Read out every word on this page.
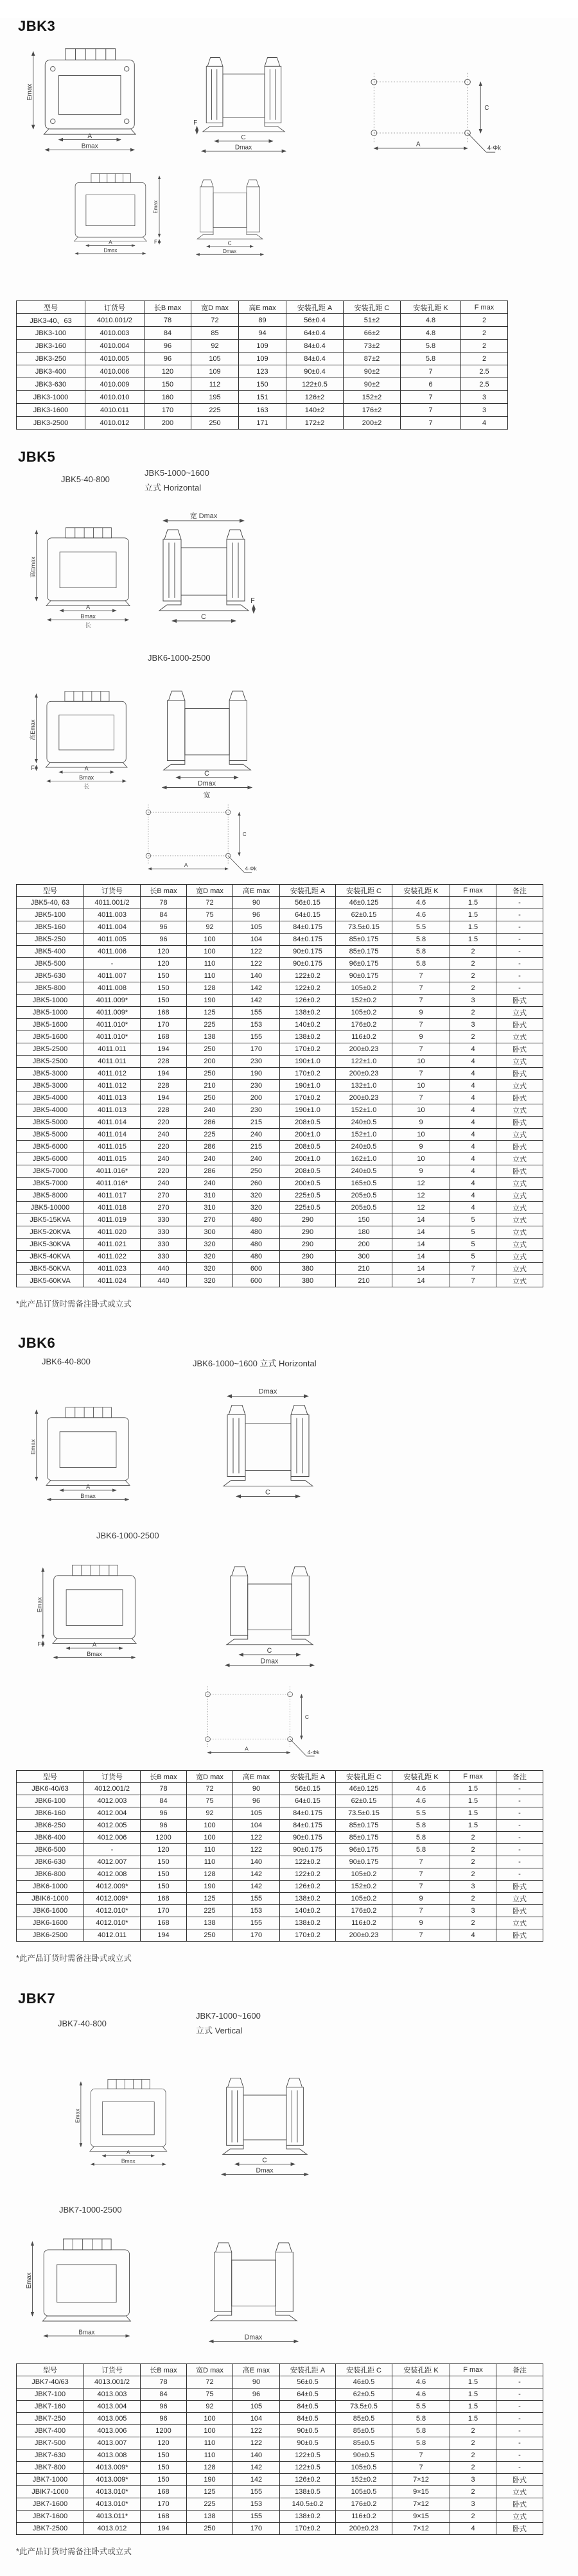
JBK3
Emax
A
Bmax
F
C
Dmax
C
A
4-Φk
Emax
F
A
Dmax
C
Dmax
型号	订货号	长B max	宽D max	高E max	安装孔距 A	安装孔距 C	安装孔距 K	F max
JBK3-40、63	4010.001/2	78	72	89	56±0.4	51±2	4.8	2
JBK3-100	4010.003	84	85	94	64±0.4	66±2	4.8	2
JBK3-160	4010.004	96	92	109	84±0.4	73±2	5.8	2
JBK3-250	4010.005	96	105	109	84±0.4	87±2	5.8	2
JBK3-400	4010.006	120	109	123	90±0.4	90±2	7	2.5
JBK3-630	4010.009	150	112	150	122±0.5	90±2	6	2.5
JBK3-1000	4010.010	160	195	151	126±2	152±2	7	3
JBK3-1600	4010.011	170	225	163	140±2	176±2	7	3
JBK3-2500	4010.012	200	250	171	172±2	200±2	7	4
JBK5
JBK5-40-800
JBK5-1000~1600
立式 Horizontal
高Emax
A
Bmax
长
宽 Dmax
F
C
JBK6-1000-2500
高Emax
F	A
Bmax
长
C
Dmax
宽
C
A
4-Φk
型号	订货号	长B max	宽D max	高E max	安装孔距 A	安装孔距 C	安装孔距 K	F max	备注
JBK5-40, 63	4011.001/2	78	72	90	56±0.15	46±0.125	4.6	1.5	-
JBK5-100	4011.003	84	75	96	64±0.15	62±0.15	4.6	1.5	-
JBK5-160	4011.004	96	92	105	84±0.175	73.5±0.15	5.5	1.5	-
JBK5-250	4011.005	96	100	104	84±0.175	85±0.175	5.8	1.5	-
JBK5-400	4011.006	120	100	122	90±0.175	85±0.175	5.8	2	-
JBK5-500	-	120	110	122	90±0.175	96±0.175	5.8	2	-
JBK5-630	4011.007	150	110	140	122±0.2	90±0.175	7	2	-
JBK5-800	4011.008	150	128	142	122±0.2	105±0.2	7	2	-
JBK5-1000	4011.009*	150	190	142	126±0.2	152±0.2	7	3	卧式
JBK5-1000	4011.009*	168	125	155	138±0.2	105±0.2	9	2	立式
JBK5-1600	4011.010*	170	225	153	140±0.2	176±0.2	7	3	卧式
JBK5-1600	4011.010*	168	138	155	138±0.2	116±0.2	9	2	立式
JBK5-2500	4011.011	194	250	170	170±0.2	200±0.23	7	4	卧式
JBK5-2500	4011.011	228	200	230	190±1.0	122±1.0	10	4	立式
JBK5-3000	4011.012	194	250	190	170±0.2	200±0.23	7	4	卧式
JBK5-3000	4011.012	228	210	230	190±1.0	132±1.0	10	4	立式
JBK5-4000	4011.013	194	250	200	170±0.2	200±0.23	7	4	卧式
JBK5-4000	4011.013	228	240	230	190±1.0	152±1.0	10	4	立式
JBK5-5000	4011.014	220	286	215	208±0.5	240±0.5	9	4	卧式
JBK5-5000	4011.014	240	225	240	200±1.0	152±1.0	10	4	立式
JBK5-6000	4011.015	220	286	215	208±0.5	240±0.5	9	4	卧式
JBK5-6000	4011.015	240	240	240	200±1.0	162±1.0	10	4	立式
JBK5-7000	4011.016*	220	286	250	208±0.5	240±0.5	9	4	卧式
JBK5-7000	4011.016*	240	240	260	200±0.5	165±0.5	12	4	立式
JBK5-8000	4011.017	270	310	320	225±0.5	205±0.5	12	4	立式
JBK5-10000	4011.018	270	310	320	225±0.5	205±0.5	12	4	立式
JBK5-15KVA	4011.019	330	270	480	290	150	14	5	立式
JBK5-20KVA	4011.020	330	300	480	290	180	14	5	立式
JBK5-30KVA	4011.021	330	320	480	290	200	14	5	立式
JBK5-40KVA	4011.022	330	320	480	290	300	14	5	立式
JBK5-50KVA	4011.023	440	320	600	380	210	14	7	立式
JBK5-60KVA	4011.024	440	320	600	380	210	14	7	立式

*此产品订货时需备注卧式或立式

JBK6
JBK6-40-800	JBK6-1000~1600 立式 Horizontal
Emax
A
Bmax
Dmax
C
JBK6-1000-2500
Emax
F	A
Bmax	C
Dmax
C
A
4-Φk
型号	订货号	长B max	宽D max	高E max	安装孔距 A	安装孔距 C	安装孔距 K	F max	备注
JBK6-40/63	4012.001/2	78	72	90	56±0.15	46±0.125	4.6	1.5	-
JBK6-100	4012.003	84	75	96	64±0.15	62±0.15	4.6	1.5	-
JBK6-160	4012.004	96	92	105	84±0.175	73.5±0.15	5.5	1.5	-
JBK6-250	4012.005	96	100	104	84±0.175	85±0.175	5.8	1.5	-
JBK6-400	4012.006	1200	100	122	90±0.175	85±0.175	5.8	2	-
JBK6-500	-	120	110	122	90±0.175	96±0.175	5.8	2	-
JBK6-630	4012.007	150	110	140	122±0.2	90±0.175	7	2	-
JBK6-800	4012.008	150	128	142	122±0.2	105±0.2	7	2	-
JBK6-1000	4012.009*	150	190	142	126±0.2	152±0.2	7	3	卧式
JBIK6-1000	4012.009*	168	125	155	138±0.2	105±0.2	9	2	立式
JBK6-1600	4012.010*	170	225	153	140±0.2	176±0.2	7	3	卧式
JBK6-1600	4012.010*	168	138	155	138±0.2	116±0.2	9	2	立式
JBK6-2500	4012.011	194	250	170	170±0.2	200±0.23	7	4	卧式

*此产品订货时需备注卧式或立式

JBK7
JBK7-40-800
JBK7-1000~1600
立式 Vertical
Emax
A
Bmax	C
Dmax
JBK7-1000-2500
Emax
Bmax
Dmax
型号	订货号	长B max	宽D max	高E max	安装孔距 A	安装孔距 C	安装孔距 K	F max	备注
JBK7-40/63	4013.001/2	78	72	90	56±0.5	46±0.5	4.6	1.5	-
JBK7-100	4013.003	84	75	96	64±0.5	62±0.5	4.6	1.5	-
JBK7-160	4013.004	96	92	105	84±0.5	73.5±0.5	5.5	1.5	-
JBK7-250	4013.005	96	100	104	84±0.5	85±0.5	5.8	1.5	-
JBK7-400	4013.006	1200	100	122	90±0.5	85±0.5	5.8	2	-
JBK7-500	4013.007	120	110	122	90±0.5	85±0.5	5.8	2	-
JBK7-630	4013.008	150	110	140	122±0.5	90±0.5	7	2	-
JBK7-800	4013.009*	150	128	142	122±0.5	105±0.5	7	2	-
JBK7-1000	4013.009*	150	190	142	126±0.2	152±0.2	7×12	3	卧式
JBIK7-1000	4013.010*	168	125	155	138±0.5	105±0.5	9×15	2	立式
JBK7-1600	4013.010*	170	225	153	140.5±0.2	176±0.2	7×12	3	卧式
JBK7-1600	4013.011*	168	138	155	138±0.2	116±0.2	9×15	2	立式
JBK7-2500	4013.012	194	250	170	170±0.2	200±0.23	7×12	4	卧式

*此产品订货时需备注卧式或立式
